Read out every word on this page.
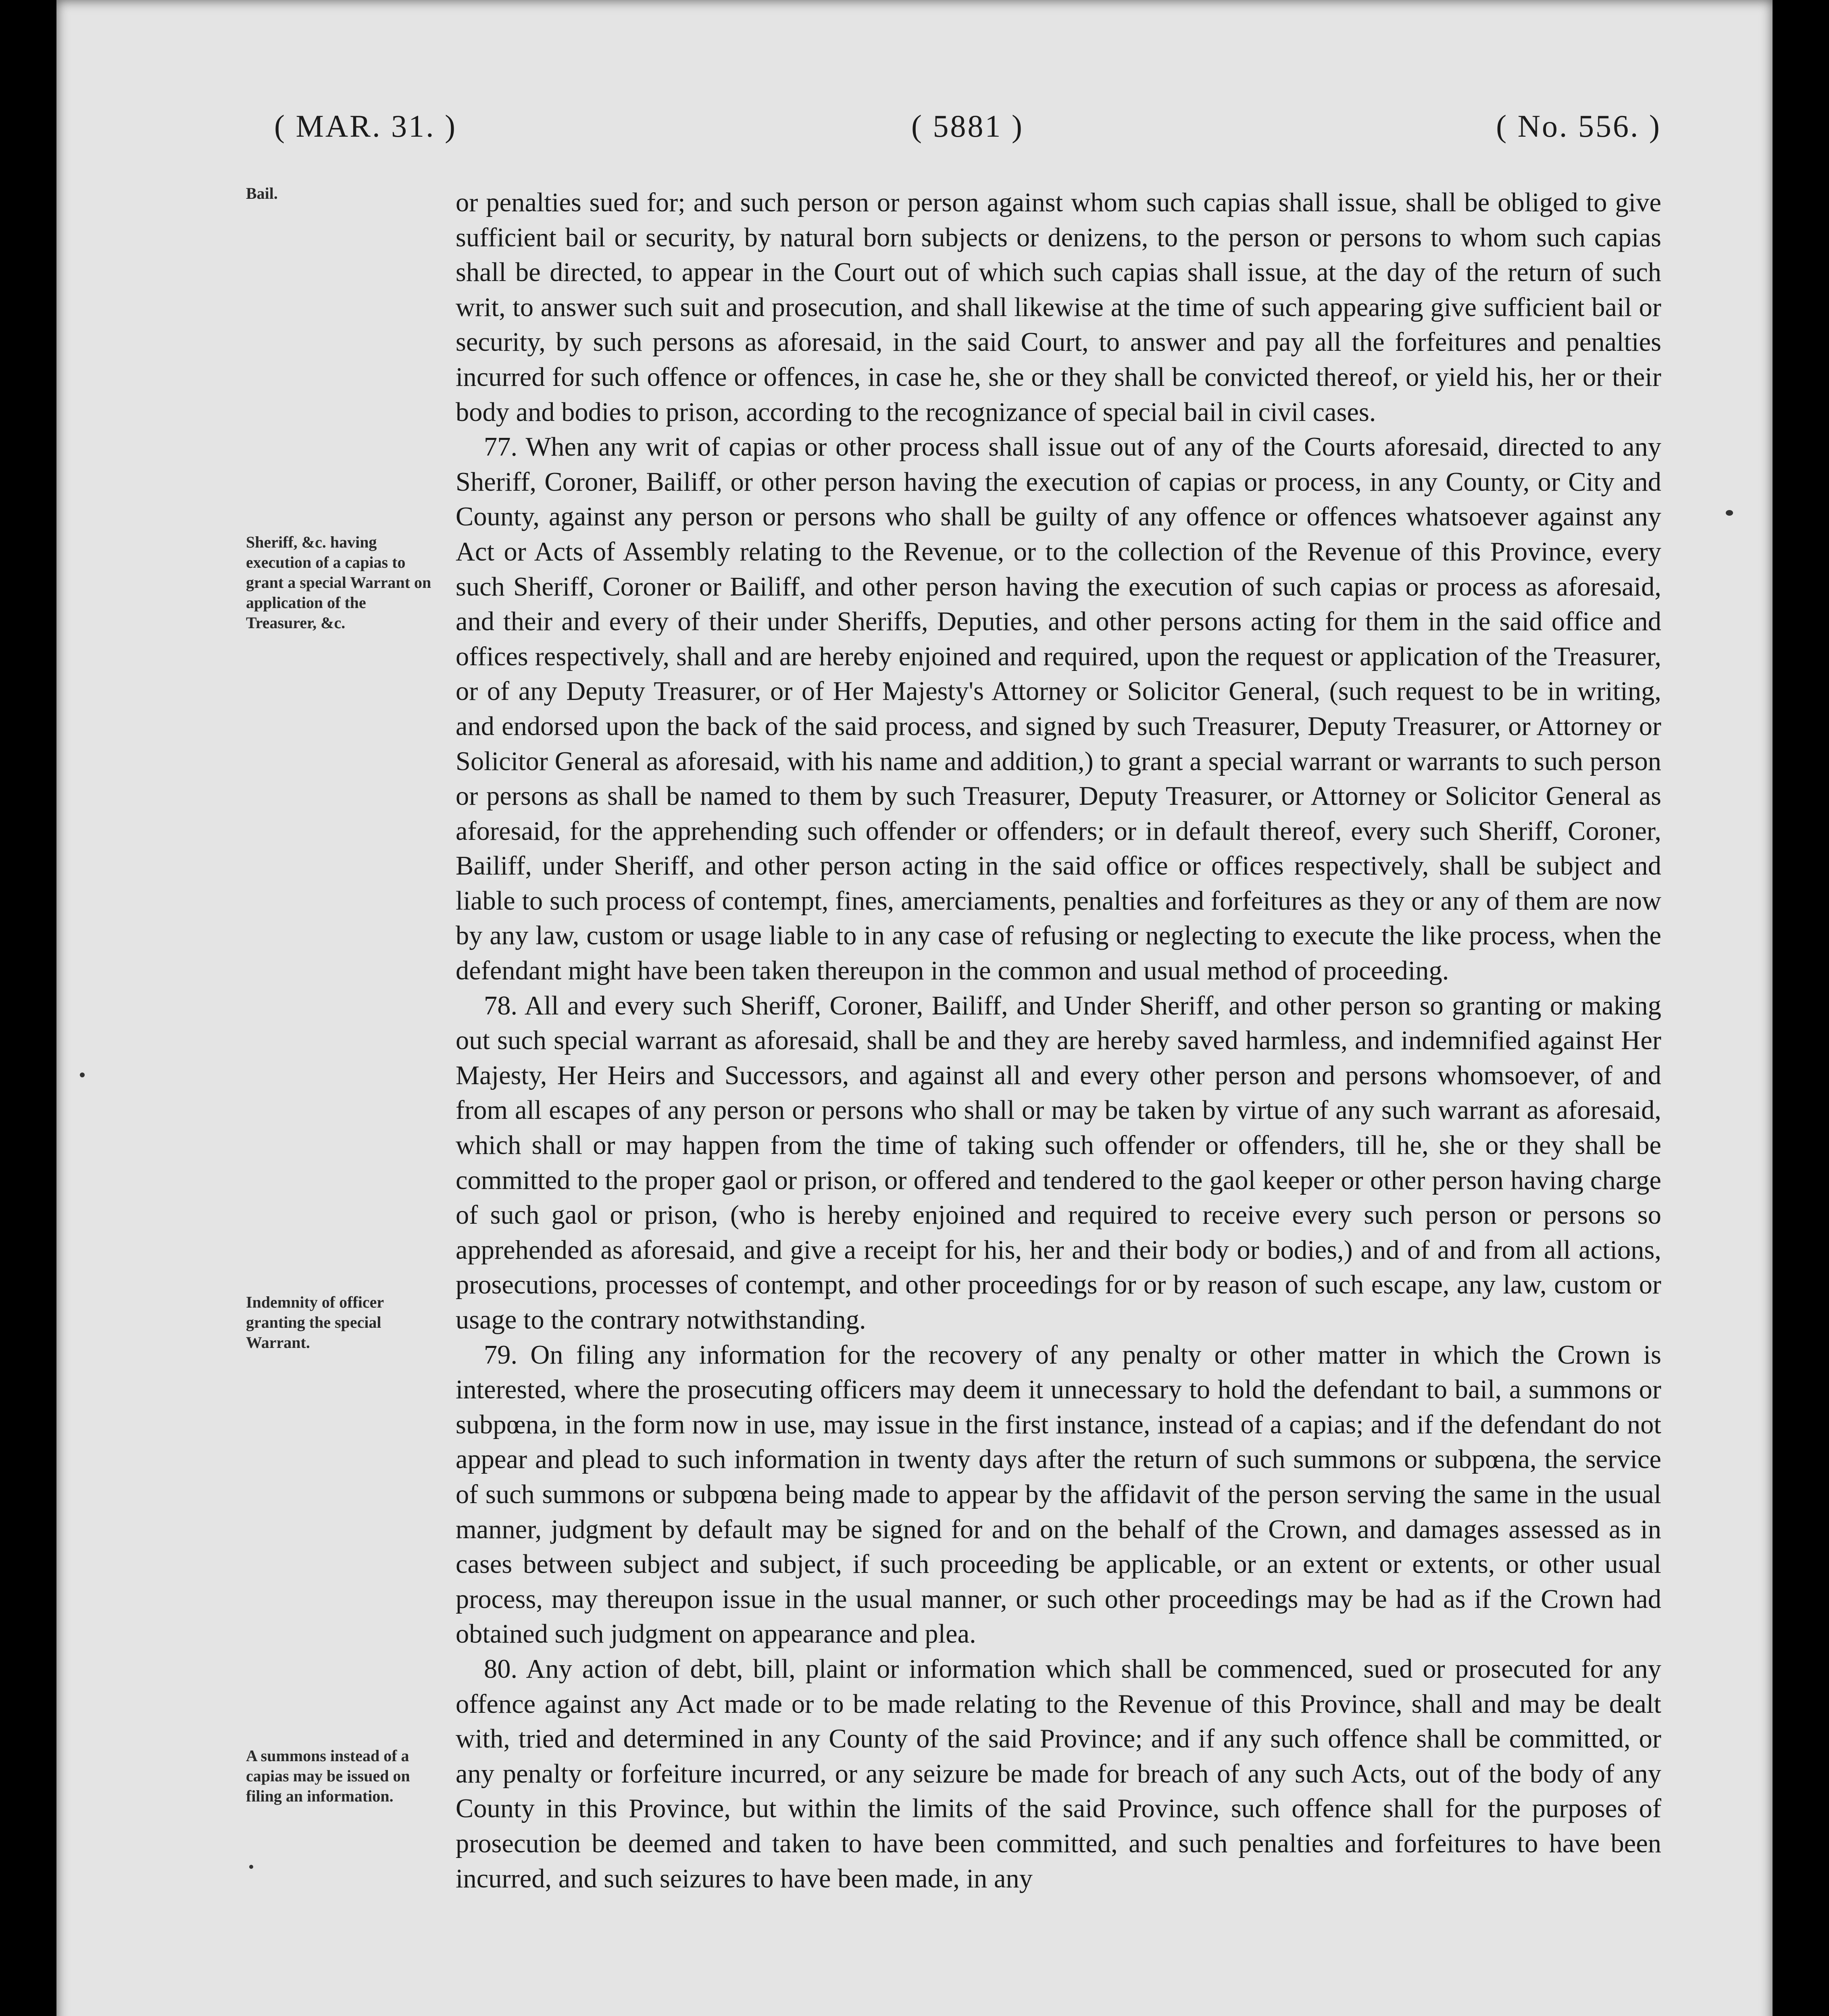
( MAR. 31. )	( 5881 )	( No. 556. )
Bail.
Sheriff, &c. having execution of a capias to grant a special Warrant on application of the Treasurer, &c.
Indemnity of officer granting the special Warrant.
A summons instead of a capias may be issued on filing an information.

or penalties sued for; and such person or person against whom such capias shall issue, shall be obliged to give sufficient bail or security, by natural born subjects or denizens, to the person or persons to whom such capias shall be directed, to appear in the Court out of which such capias shall issue, at the day of the return of such writ, to answer such suit and prosecution, and shall likewise at the time of such appearing give sufficient bail or security, by such persons as aforesaid, in the said Court, to answer and pay all the forfeitures and penalties incurred for such offence or offences, in case he, she or they shall be convicted thereof, or yield his, her or their body and bodies to prison, according to the recognizance of special bail in civil cases.

77. When any writ of capias or other process shall issue out of any of the Courts aforesaid, directed to any Sheriff, Coroner, Bailiff, or other person having the execution of capias or process, in any County, or City and County, against any person or persons who shall be guilty of any offence or offences whatsoever against any Act or Acts of Assembly relating to the Revenue, or to the collection of the Revenue of this Province, every such Sheriff, Coroner or Bailiff, and other person having the execution of such capias or process as aforesaid, and their and every of their under Sheriffs, Deputies, and other persons acting for them in the said office and offices respectively, shall and are hereby enjoined and required, upon the request or application of the Treasurer, or of any Deputy Treasurer, or of Her Majesty's Attorney or Solicitor General, (such request to be in writing, and endorsed upon the back of the said process, and signed by such Treasurer, Deputy Treasurer, or Attorney or Solicitor General as aforesaid, with his name and addition,) to grant a special warrant or warrants to such person or persons as shall be named to them by such Treasurer, Deputy Treasurer, or Attorney or Solicitor General as aforesaid, for the apprehending such offender or offenders; or in default thereof, every such Sheriff, Coroner, Bailiff, under Sheriff, and other person acting in the said office or offices respectively, shall be subject and liable to such process of contempt, fines, amerciaments, penalties and forfeitures as they or any of them are now by any law, custom or usage liable to in any case of refusing or neglecting to execute the like process, when the defendant might have been taken thereupon in the common and usual method of proceeding.

78. All and every such Sheriff, Coroner, Bailiff, and Under Sheriff, and other person so granting or making out such special warrant as aforesaid, shall be and they are hereby saved harmless, and indemnified against Her Majesty, Her Heirs and Successors, and against all and every other person and persons whomsoever, of and from all escapes of any person or persons who shall or may be taken by virtue of any such warrant as aforesaid, which shall or may happen from the time of taking such offender or offenders, till he, she or they shall be committed to the proper gaol or prison, or offered and tendered to the gaol keeper or other person having charge of such gaol or prison, (who is hereby enjoined and required to receive every such person or persons so apprehended as aforesaid, and give a receipt for his, her and their body or bodies,) and of and from all actions, prosecutions, processes of contempt, and other proceedings for or by reason of such escape, any law, custom or usage to the contrary notwithstanding.

79. On filing any information for the recovery of any penalty or other matter in which the Crown is interested, where the prosecuting officers may deem it unnecessary to hold the defendant to bail, a summons or subpœna, in the form now in use, may issue in the first instance, instead of a capias; and if the defendant do not appear and plead to such information in twenty days after the return of such summons or subpœna, the service of such summons or subpœna being made to appear by the affidavit of the person serving the same in the usual manner, judgment by default may be signed for and on the behalf of the Crown, and damages assessed as in cases between subject and subject, if such proceeding be applicable, or an extent or extents, or other usual process, may thereupon issue in the usual manner, or such other proceedings may be had as if the Crown had obtained such judgment on appearance and plea.

80. Any action of debt, bill, plaint or information which shall be commenced, sued or prosecuted for any offence against any Act made or to be made relating to the Revenue of this Province, shall and may be dealt with, tried and determined in any County of the said Province; and if any such offence shall be committed, or any penalty or forfeiture incurred, or any seizure be made for breach of any such Acts, out of the body of any County in this Province, but within the limits of the said Province, such offence shall for the purposes of prosecution be deemed and taken to have been committed, and such penalties and forfeitures to have been incurred, and such seizures to have been made, in any
